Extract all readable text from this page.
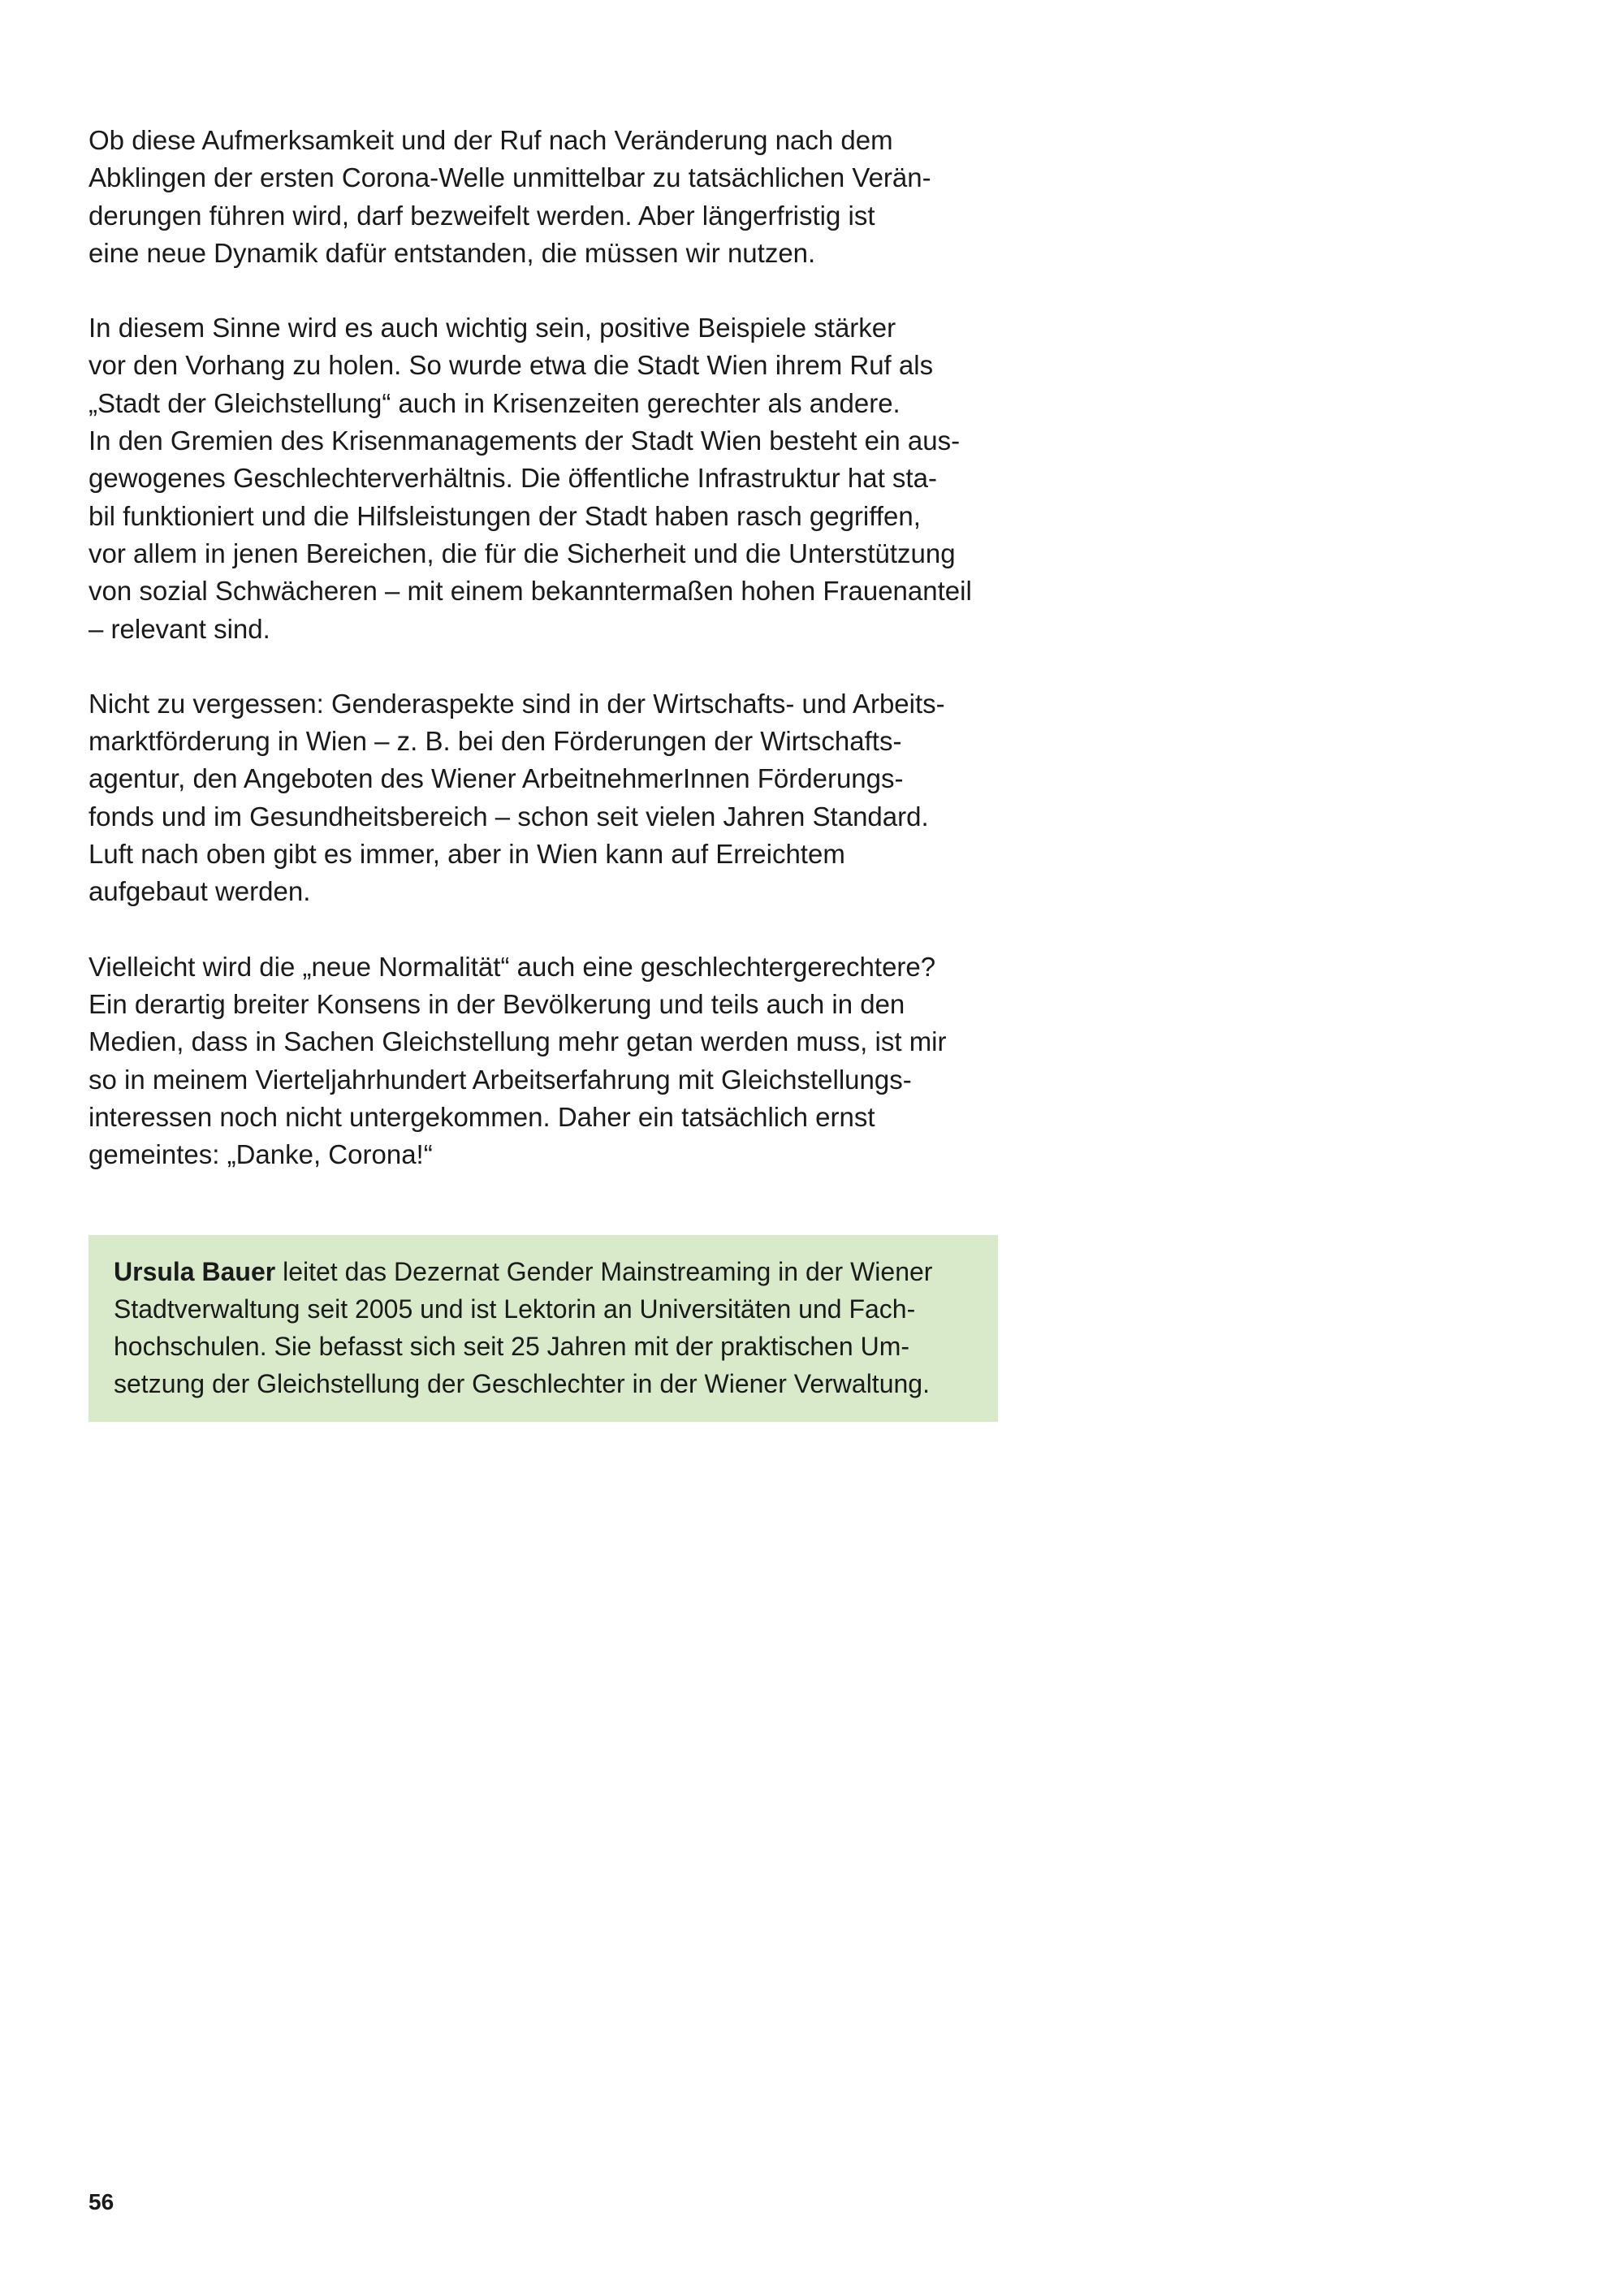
Ob diese Aufmerksamkeit und der Ruf nach Veränderung nach dem
Abklingen der ersten Corona-Welle unmittelbar zu tatsächlichen Verän-
derungen führen wird, darf bezweifelt werden. Aber längerfristig ist
eine neue Dynamik dafür entstanden, die müssen wir nutzen.

In diesem Sinne wird es auch wichtig sein, positive Beispiele stärker
vor den Vorhang zu holen. So wurde etwa die Stadt Wien ihrem Ruf als
„Stadt der Gleichstellung“ auch in Krisenzeiten gerechter als andere.
In den Gremien des Krisenmanagements der Stadt Wien besteht ein aus-
gewogenes Geschlechterverhältnis. Die öffentliche Infrastruktur hat sta-
bil funktioniert und die Hilfsleistungen der Stadt haben rasch gegriffen,
vor allem in jenen Bereichen, die für die Sicherheit und die Unterstützung
von sozial Schwächeren – mit einem bekanntermaßen hohen Frauenanteil
– relevant sind.

Nicht zu vergessen: Genderaspekte sind in der Wirtschafts- und Arbeits-
marktförderung in Wien – z. B. bei den Förderungen der Wirtschafts-
agentur, den Angeboten des Wiener ArbeitnehmerInnen Förderungs-
fonds und im Gesundheitsbereich – schon seit vielen Jahren Standard.
Luft nach oben gibt es immer, aber in Wien kann auf Erreichtem
aufgebaut werden.

Vielleicht wird die „neue Normalität“ auch eine geschlechtergerechtere?
Ein derartig breiter Konsens in der Bevölkerung und teils auch in den
Medien, dass in Sachen Gleichstellung mehr getan werden muss, ist mir
so in meinem Vierteljahrhundert Arbeitserfahrung mit Gleichstellungs-
interessen noch nicht untergekommen. Daher ein tatsächlich ernst
gemeintes: „Danke, Corona!“

Ursula Bauer leitet das Dezernat Gender Mainstreaming in der Wiener
Stadtverwaltung seit 2005 und ist Lektorin an Universitäten und Fach-
hochschulen. Sie befasst sich seit 25 Jahren mit der praktischen Um-
setzung der Gleichstellung der Geschlechter in der Wiener Verwaltung.
56
